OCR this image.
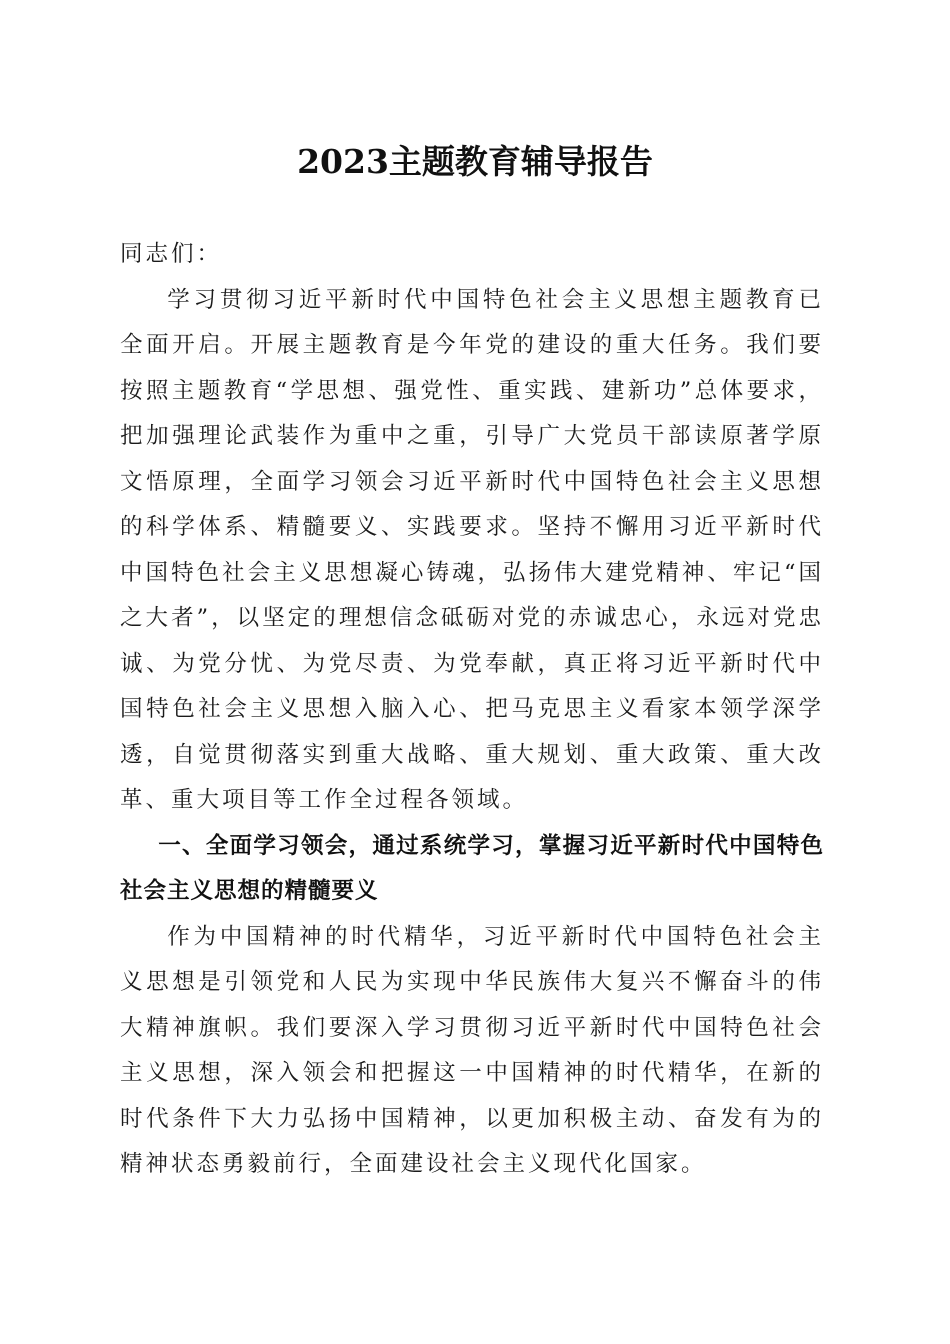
2023主题教育辅导报告

同志们：

学习贯彻习近平新时代中国特色社会主义思想主题教育已全面开启。开展主题教育是今年党的建设的重大任务。我们要按照主题教育“学思想、强党性、重实践、建新功”总体要求，把加强理论武装作为重中之重，引导广大党员干部读原著学原文悟原理，全面学习领会习近平新时代中国特色社会主义思想的科学体系、精髓要义、实践要求。坚持不懈用习近平新时代中国特色社会主义思想凝心铸魂，弘扬伟大建党精神、牢记“国之大者”，以坚定的理想信念砥砺对党的赤诚忠心，永远对党忠诚、为党分忧、为党尽责、为党奉献，真正将习近平新时代中国特色社会主义思想入脑入心、把马克思主义看家本领学深学透，自觉贯彻落实到重大战略、重大规划、重大政策、重大改革、重大项目等工作全过程各领域。

一、全面学习领会，通过系统学习，掌握习近平新时代中国特色社会主义思想的精髓要义

作为中国精神的时代精华，习近平新时代中国特色社会主义思想是引领党和人民为实现中华民族伟大复兴不懈奋斗的伟大精神旗帜。我们要深入学习贯彻习近平新时代中国特色社会主义思想，深入领会和把握这一中国精神的时代精华，在新的时代条件下大力弘扬中国精神，以更加积极主动、奋发有为的精神状态勇毅前行，全面建设社会主义现代化国家。
